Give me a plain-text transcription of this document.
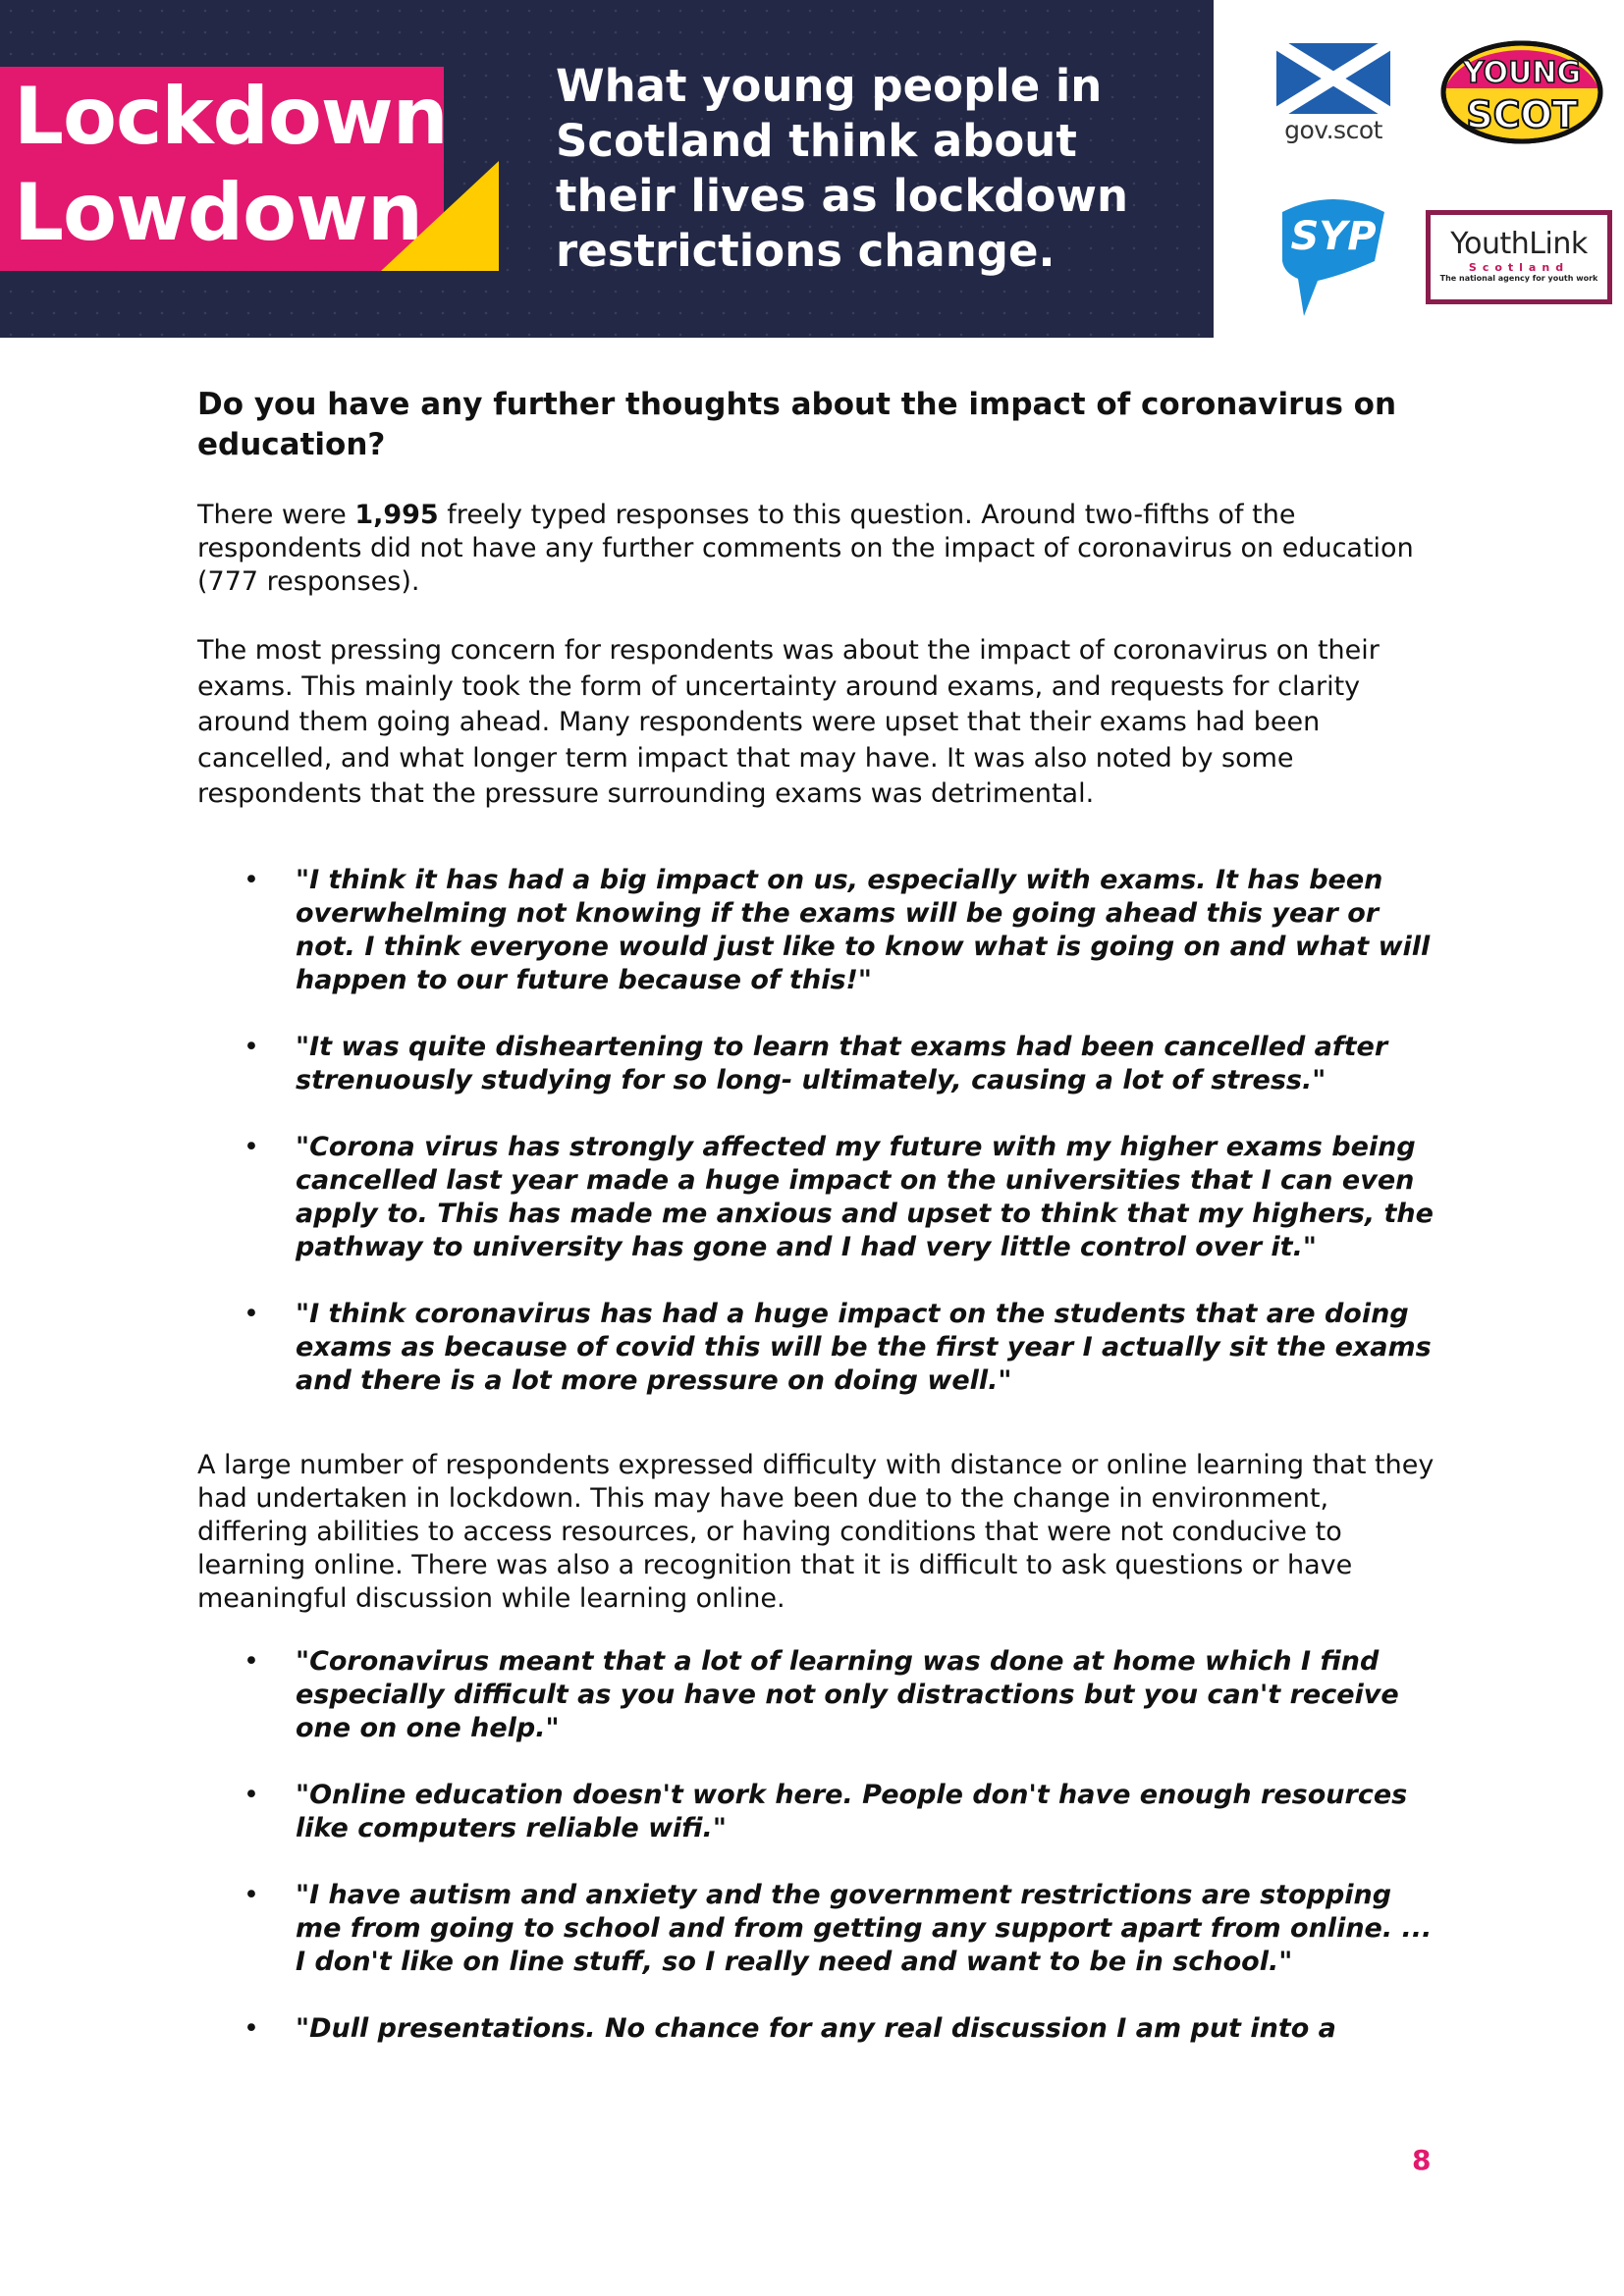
Lockdown
Lowdown
What young people in
Scotland think about
their lives as lockdown
restrictions change.
gov.scot
YOUNG
SCOT
SYP	YouthLink
Scotland
The national agency for youth work
Do you have any further thoughts about the impact of coronavirus on education?

There were 1,995 freely typed responses to this question. Around two-fifths of the respondents did not have any further comments on the impact of coronavirus on education (777 responses).

The most pressing concern for respondents was about the impact of coronavirus on their exams. This mainly took the form of uncertainty around exams, and requests for clarity around them going ahead. Many respondents were upset that their exams had been cancelled, and what longer term impact that may have. It was also noted by some respondents that the pressure surrounding exams was detrimental.

• "I think it has had a big impact on us, especially with exams. It has been overwhelming not knowing if the exams will be going ahead this year or not. I think everyone would just like to know what is going on and what will happen to our future because of this!"
• "It was quite disheartening to learn that exams had been cancelled after strenuously studying for so long- ultimately, causing a lot of stress."
• "Corona virus has strongly affected my future with my higher exams being cancelled last year made a huge impact on the universities that I can even apply to. This has made me anxious and upset to think that my highers, the pathway to university has gone and I had very little control over it."
• "I think coronavirus has had a huge impact on the students that are doing exams as because of covid this will be the first year I actually sit the exams and there is a lot more pressure on doing well."

A large number of respondents expressed difficulty with distance or online learning that they had undertaken in lockdown. This may have been due to the change in environment, differing abilities to access resources, or having conditions that were not conducive to learning online. There was also a recognition that it is difficult to ask questions or have meaningful discussion while learning online.

• "Coronavirus meant that a lot of learning was done at home which I find especially difficult as you have not only distractions but you can't receive one on one help."
• "Online education doesn't work here. People don't have enough resources like computers reliable wifi."
• "I have autism and anxiety and the government restrictions are stopping me from going to school and from getting any support apart from online. ... I don't like on line stuff, so I really need and want to be in school."
• "Dull presentations. No chance for any real discussion I am put into a
8
